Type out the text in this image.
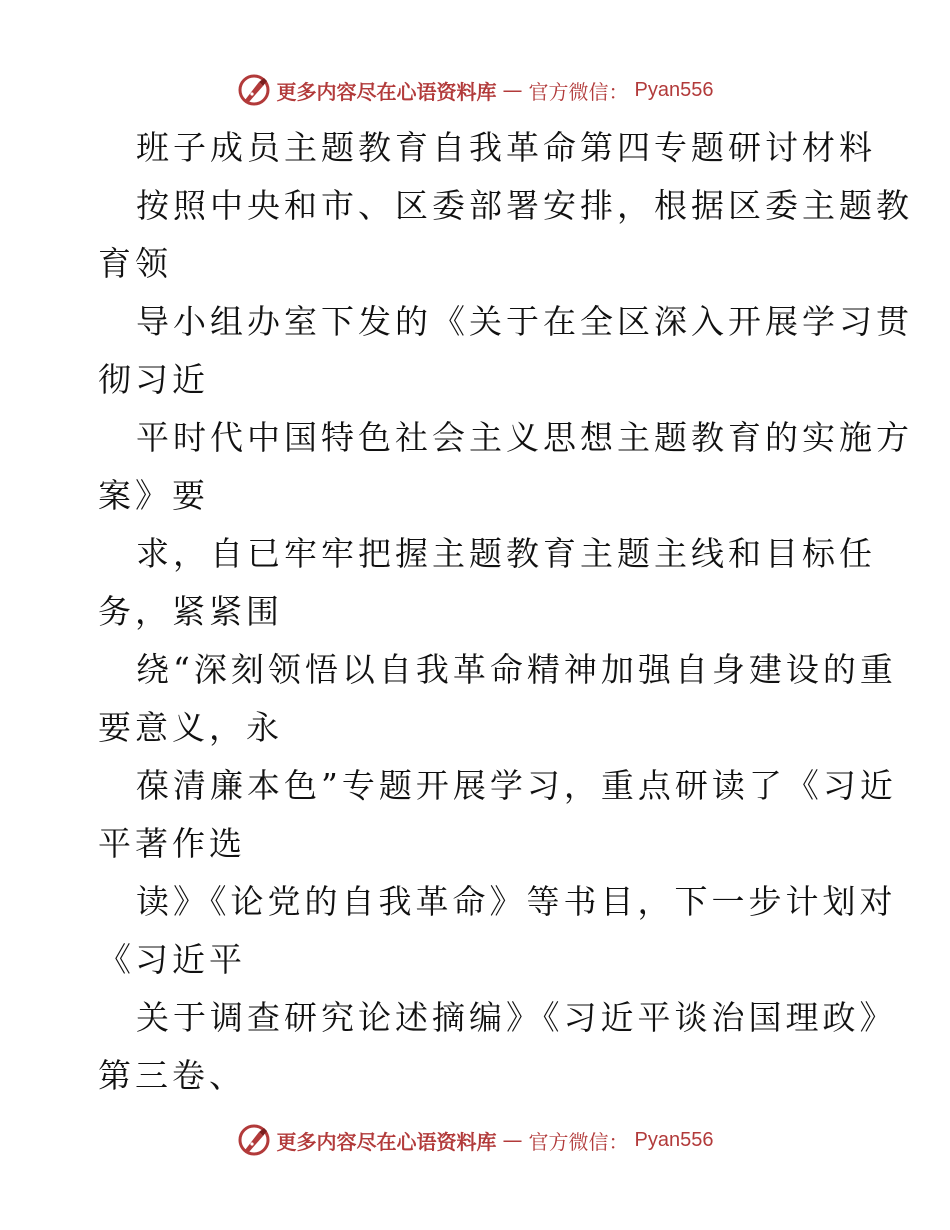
更多内容尽在心语资料库 — 官方微信： Pyan556
班子成员主题教育自我革命第四专题研讨材料
按照中央和市、区委部署安排，根据区委主题教
育领
导小组办室下发的《关于在全区深入开展学习贯
彻习近
平时代中国特色社会主义思想主题教育的实施方
案》要
求，自已牢牢把握主题教育主题主线和目标任
务，紧紧围
绕“深刻领悟以自我革命精神加强自身建设的重
要意义，永
葆清廉本色”专题开展学习，重点研读了《习近
平著作选
读》《论党的自我革命》等书目，下一步计划对
《习近平
关于调查研究论述摘编》《习近平谈治国理政》
第三卷、
更多内容尽在心语资料库 — 官方微信： Pyan556
